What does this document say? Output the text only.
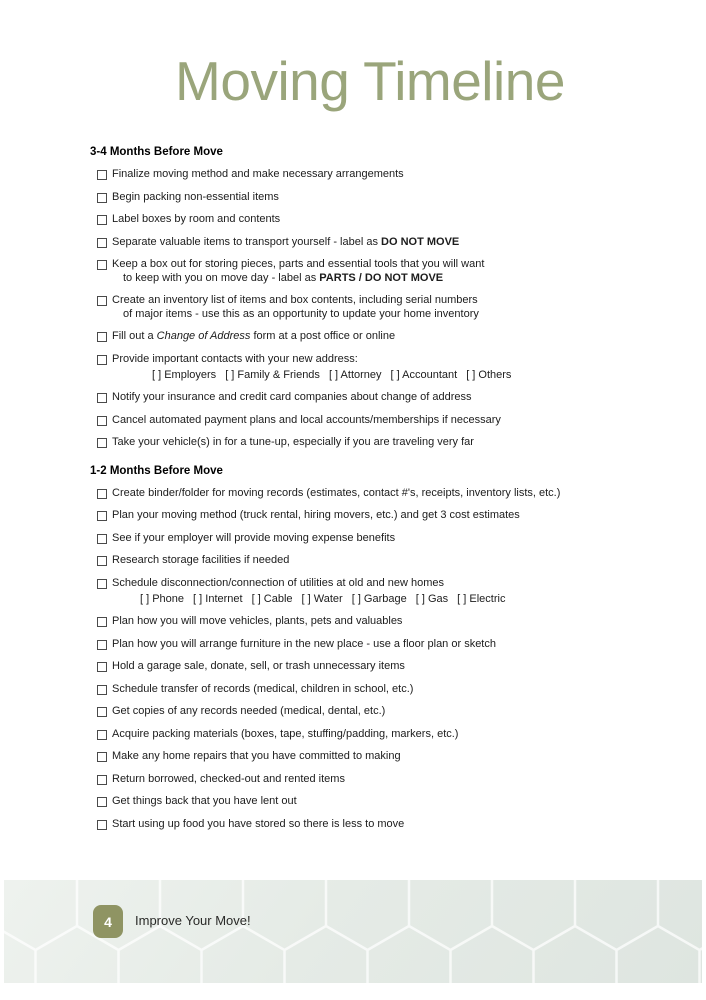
Moving Timeline
3-4 Months Before Move
Finalize moving method and make necessary arrangements
Begin packing non-essential items
Label boxes by room and contents
Separate valuable items to transport yourself - label as DO NOT MOVE
Keep a box out for storing pieces, parts and essential tools that you will want
to keep with you on move day - label as PARTS / DO NOT MOVE
Create an inventory list of items and box contents, including serial numbers
of major items - use this as an opportunity to update your home inventory
Fill out a Change of Address form at a post office or online
Provide important contacts with your new address:
[ ] Employers [ ] Family & Friends [ ] Attorney [ ] Accountant [ ] Others
Notify your insurance and credit card companies about change of address
Cancel automated payment plans and local accounts/memberships if necessary
Take your vehicle(s) in for a tune-up, especially if you are traveling very far
1-2 Months Before Move
Create binder/folder for moving records (estimates, contact #'s, receipts, inventory lists, etc.)
Plan your moving method (truck rental, hiring movers, etc.) and get 3 cost estimates
See if your employer will provide moving expense benefits
Research storage facilities if needed
Schedule disconnection/connection of utilities at old and new homes
[ ] Phone [ ] Internet [ ] Cable [ ] Water [ ] Garbage [ ] Gas [ ] Electric
Plan how you will move vehicles, plants, pets and valuables
Plan how you will arrange furniture in the new place - use a floor plan or sketch
Hold a garage sale, donate, sell, or trash unnecessary items
Schedule transfer of records (medical, children in school, etc.)
Get copies of any records needed (medical, dental, etc.)
Acquire packing materials (boxes, tape, stuffing/padding, markers, etc.)
Make any home repairs that you have committed to making
Return borrowed, checked-out and rented items
Get things back that you have lent out
Start using up food you have stored so there is less to move
4 Improve Your Move!
